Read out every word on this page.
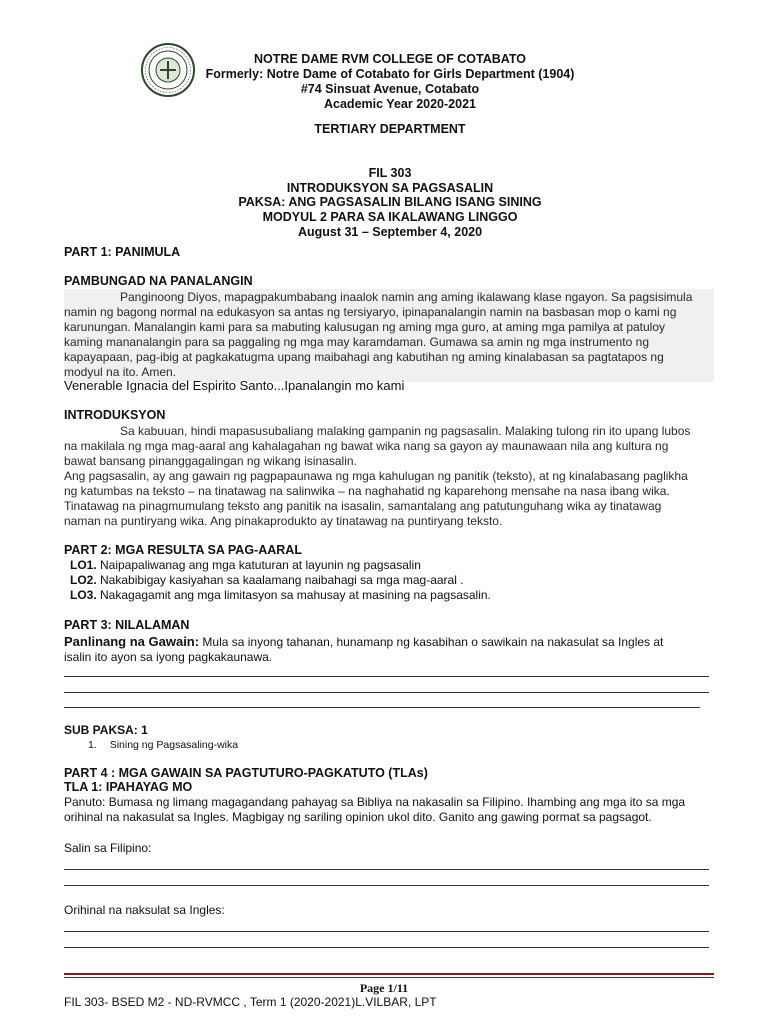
NOTRE DAME RVM COLLEGE OF COTABATO
Formerly: Notre Dame of Cotabato for Girls Department (1904)
#74 Sinsuat Avenue, Cotabato
Academic Year 2020-2021
TERTIARY DEPARTMENT
FIL 303
INTRODUKSYON SA PAGSASALIN
PAKSA: ANG PAGSASALIN BILANG ISANG SINING
MODYUL 2 PARA SA IKALAWANG LINGGO
August 31 – September 4, 2020
PART 1: PANIMULA
PAMBUNGAD NA PANALANGIN
Panginoong Diyos, mapagpakumbabang inaalok namin ang aming ikalawang klase ngayon. Sa pagsisimula
namin ng bagong normal na edukasyon sa antas ng tersiyaryo, ipinapanalangin namin na basbasan mop o kami ng
karunungan. Manalangin kami para sa mabuting kalusugan ng aming mga guro, at aming mga pamilya at patuloy
kaming mananalangin para sa paggaling ng mga may karamdaman. Gumawa sa amin ng mga instrumento ng
kapayapaan, pag-ibig at pagkakatugma upang maibahagi ang kabutihan ng aming kinalabasan sa pagtatapos ng
modyul na ito. Amen.
Venerable Ignacia del Espirito Santo...Ipanalangin mo kami
INTRODUKSYON
Sa kabuuan, hindi mapasusubaliang malaking gampanin ng pagsasalin. Malaking tulong rin ito upang lubos
na makilala ng mga mag-aaral ang kahalagahan ng bawat wika nang sa gayon ay maunawaan nila ang kultura ng
bawat bansang pinanggagalingan ng wikang isinasalin.
Ang pagsasalin, ay ang gawain ng pagpapaunawa ng mga kahulugan ng panitik (teksto), at ng kinalabasang paglikha
ng katumbas na teksto – na tinatawag na salinwika – na naghahatid ng kaparehong mensahe na nasa ibang wika.
Tinatawag na pinagmumulang teksto ang panitik na isasalin, samantalang ang patutunguhang wika ay tinatawag
naman na puntiryang wika. Ang pinakaprodukto ay tinatawag na puntiryang teksto.
PART 2: MGA RESULTA SA PAG-AARAL
LO1. Naipapaliwanag ang mga katuturan at layunin ng pagsasalin
LO2. Nakabibigay kasiyahan sa kaalamang naibahagi sa mga mag-aaral .
LO3. Nakagagamit ang mga limitasyon sa mahusay at masining na pagsasalin.
PART 3: NILALAMAN
Panlinang na Gawain: Mula sa inyong tahanan, hunamanp ng kasabihan o sawikain na nakasulat sa Ingles at
isalin ito ayon sa iyong pagkakaunawa.
SUB PAKSA: 1
1. Sining ng Pagsasaling-wika
PART 4 : MGA GAWAIN SA PAGTUTURO-PAGKATUTO (TLAs)
TLA 1: IPAHAYAG MO
Panuto: Bumasa ng limang magagandang pahayag sa Bibliya na nakasalin sa Filipino. Ihambing ang mga ito sa mga
orihinal na nakasulat sa Ingles. Magbigay ng sariling opinion ukol dito. Ganito ang gawing pormat sa pagsagot.
Salin sa Filipino:
Orihinal na naksulat sa Ingles:
Page 1/11
FIL 303- BSED M2 - ND-RVMCC , Term 1 (2020-2021)L.VILBAR, LPT
